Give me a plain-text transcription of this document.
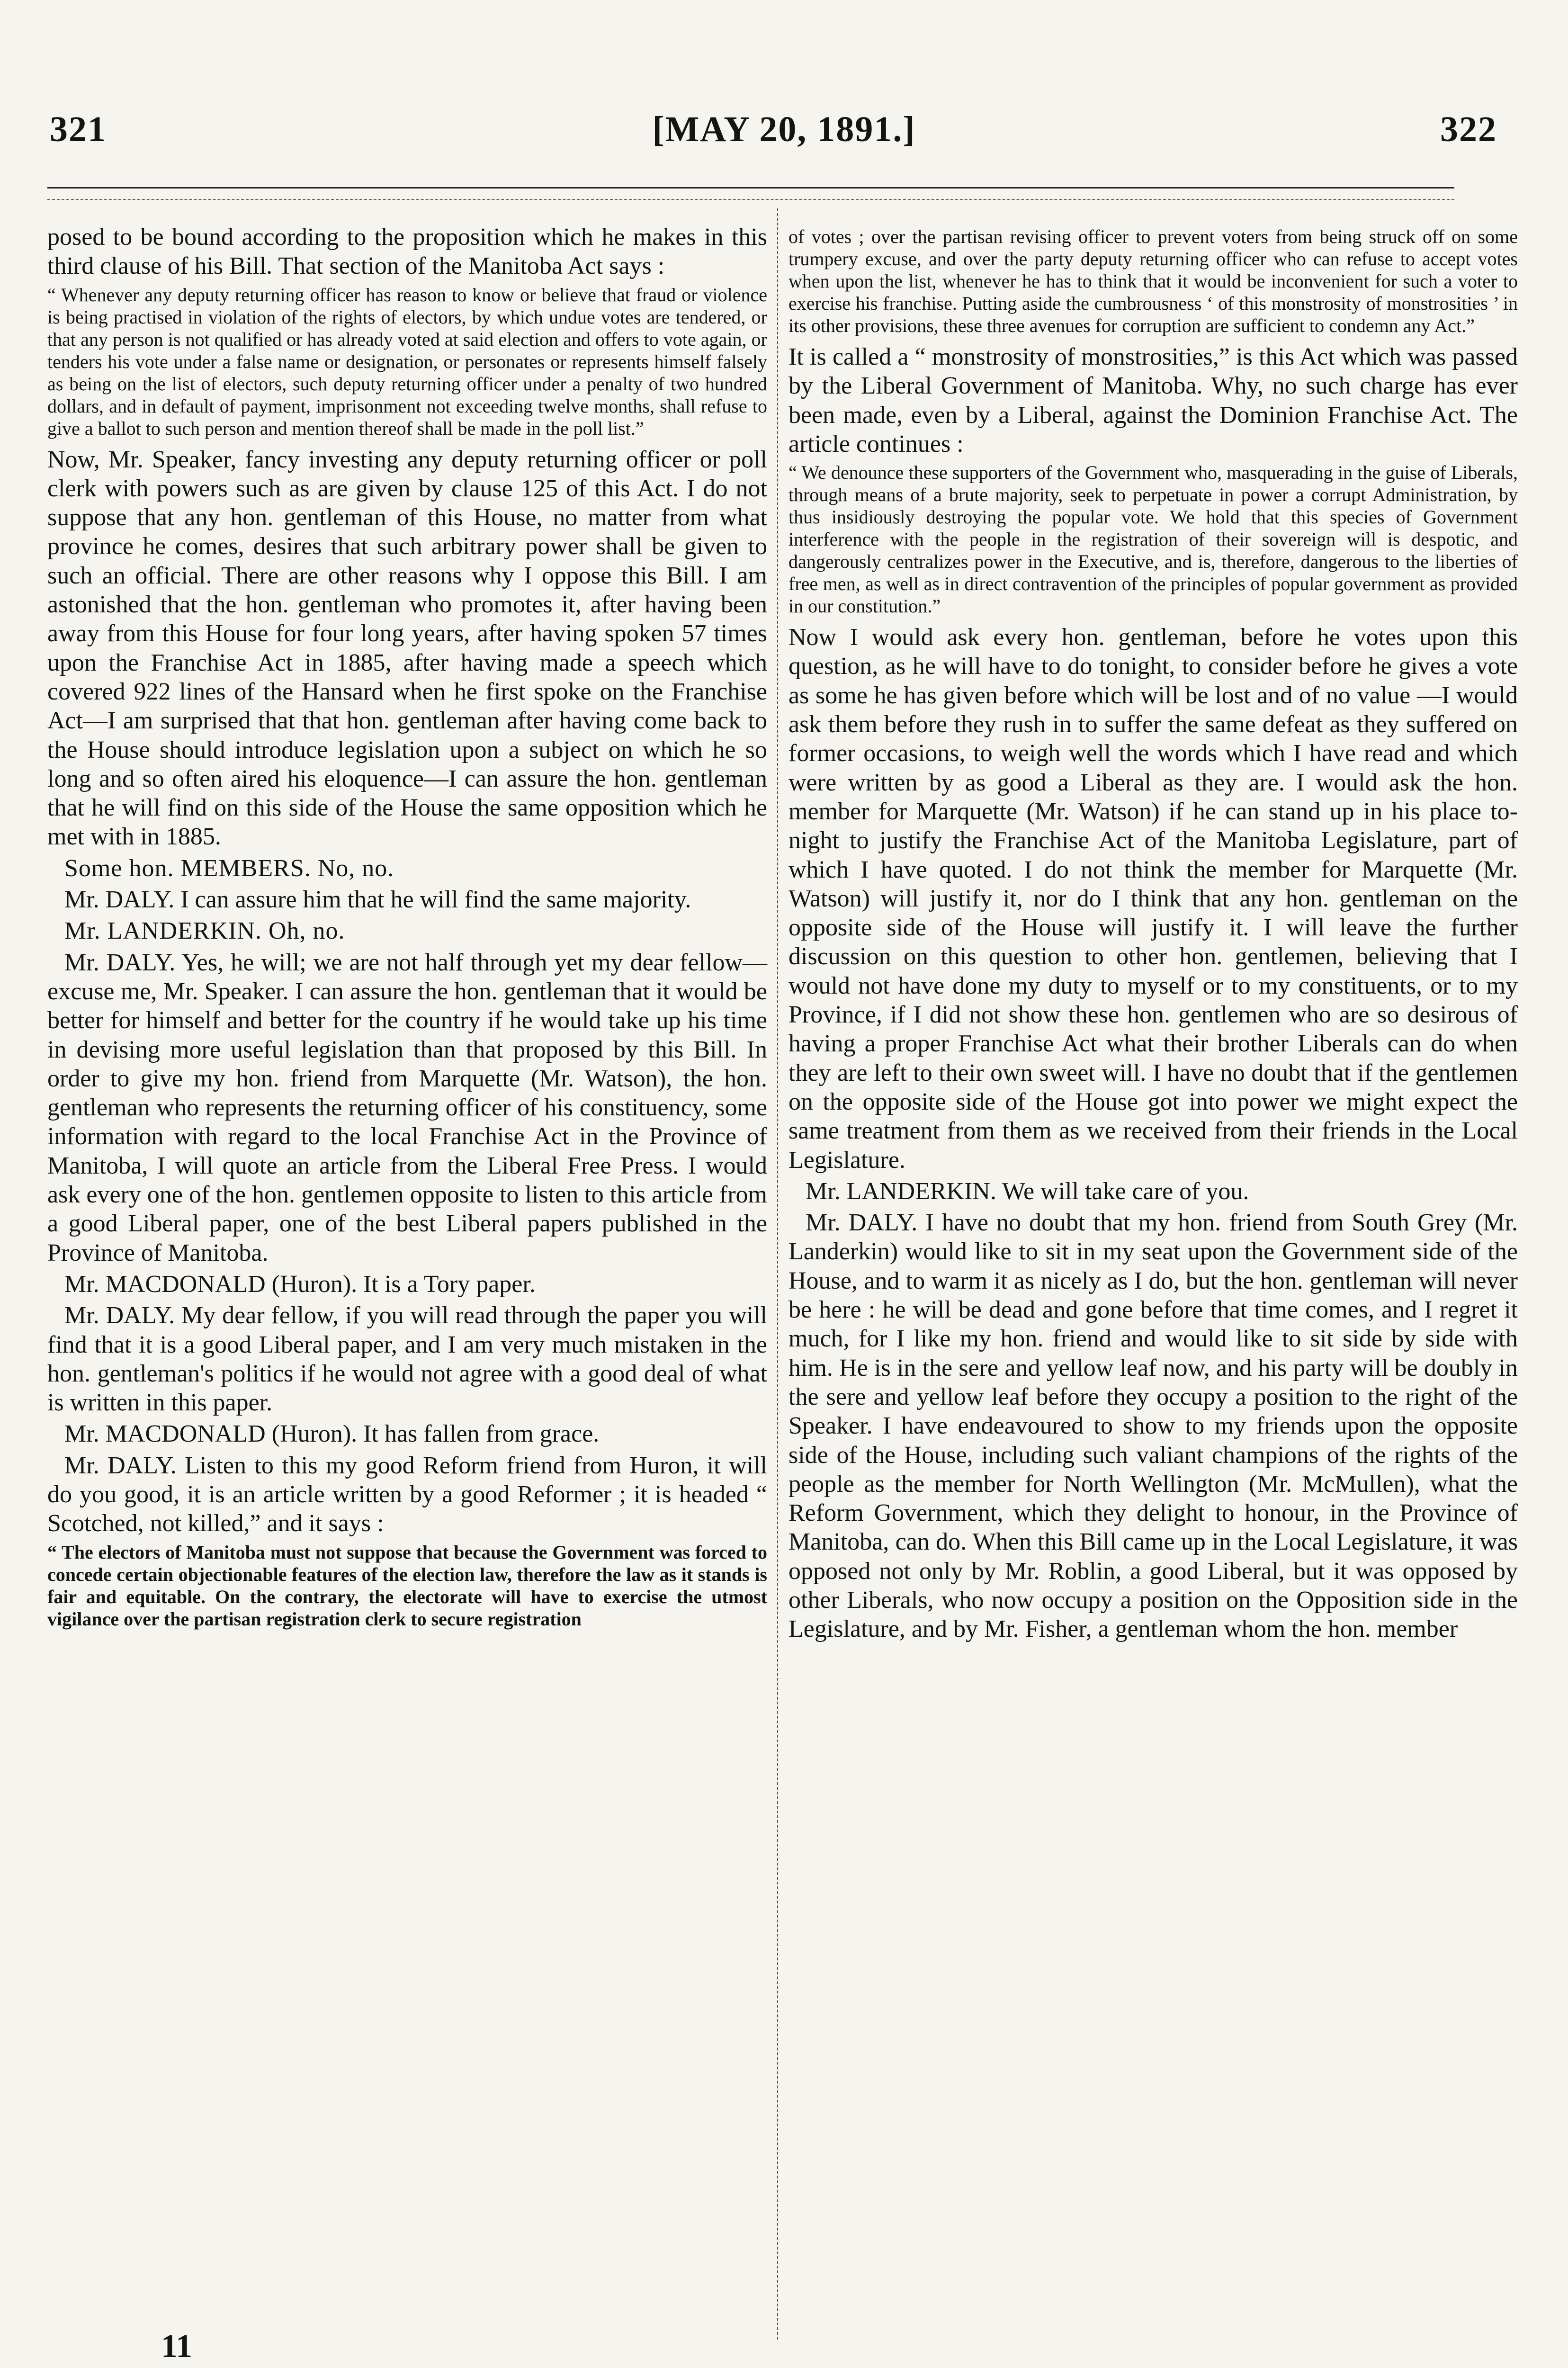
321	[MAY 20, 1891.]	322

posed to be bound according to the proposition which he makes in this third clause of his Bill. That section of the Manitoba Act says :

“ Whenever any deputy returning officer has reason to know or believe that fraud or violence is being practised in violation of the rights of electors, by which undue votes are tendered, or that any person is not qualified or has already voted at said election and offers to vote again, or tenders his vote under a false name or designation, or personates or represents himself falsely as being on the list of electors, such deputy returning officer under a penalty of two hundred dollars, and in default of payment, imprisonment not exceeding twelve months, shall refuse to give a ballot to such person and mention thereof shall be made in the poll list.”

Now, Mr. Speaker, fancy investing any deputy returning officer or poll clerk with powers such as are given by clause 125 of this Act. I do not suppose that any hon. gentleman of this House, no matter from what province he comes, desires that such arbitrary power shall be given to such an official. There are other reasons why I oppose this Bill. I am astonished that the hon. gentleman who promotes it, after having been away from this House for four long years, after having spoken 57 times upon the Franchise Act in 1885, after having made a speech which covered 922 lines of the Hansard when he first spoke on the Franchise Act—I am surprised that that hon. gentleman after having come back to the House should introduce legislation upon a subject on which he so long and so often aired his eloquence—I can assure the hon. gentleman that he will find on this side of the House the same opposition which he met with in 1885.

Some hon. MEMBERS. No, no.

Mr. DALY. I can assure him that he will find the same majority.

Mr. LANDERKIN. Oh, no.

Mr. DALY. Yes, he will; we are not half through yet my dear fellow—excuse me, Mr. Speaker. I can assure the hon. gentleman that it would be better for himself and better for the country if he would take up his time in devising more useful legislation than that proposed by this Bill. In order to give my hon. friend from Marquette (Mr. Watson), the hon. gentleman who represents the returning officer of his constituency, some information with regard to the local Franchise Act in the Province of Manitoba, I will quote an article from the Liberal Free Press. I would ask every one of the hon. gentlemen opposite to listen to this article from a good Liberal paper, one of the best Liberal papers published in the Province of Manitoba.

Mr. MACDONALD (Huron). It is a Tory paper.

Mr. DALY. My dear fellow, if you will read through the paper you will find that it is a good Liberal paper, and I am very much mistaken in the hon. gentleman's politics if he would not agree with a good deal of what is written in this paper.

Mr. MACDONALD (Huron). It has fallen from grace.

Mr. DALY. Listen to this my good Reform friend from Huron, it will do you good, it is an article written by a good Reformer ; it is headed “ Scotched, not killed,” and it says :

“ The electors of Manitoba must not suppose that because the Government was forced to concede certain objectionable features of the election law, therefore the law as it stands is fair and equitable. On the contrary, the electorate will have to exercise the utmost vigilance over the partisan registration clerk to secure registration
of votes ; over the partisan revising officer to prevent voters from being struck off on some trumpery excuse, and over the party deputy returning officer who can refuse to accept votes when upon the list, whenever he has to think that it would be inconvenient for such a voter to exercise his franchise. Putting aside the cumbrousness ‘ of this monstrosity of monstrosities ’ in its other provisions, these three avenues for corruption are sufficient to condemn any Act.”

It is called a “ monstrosity of monstrosities,” is this Act which was passed by the Liberal Government of Manitoba. Why, no such charge has ever been made, even by a Liberal, against the Dominion Franchise Act. The article continues :

“ We denounce these supporters of the Government who, masquerading in the guise of Liberals, through means of a brute majority, seek to perpetuate in power a corrupt Administration, by thus insidiously destroying the popular vote. We hold that this species of Government interference with the people in the registration of their sovereign will is despotic, and dangerously centralizes power in the Executive, and is, therefore, dangerous to the liberties of free men, as well as in direct contravention of the principles of popular government as provided in our constitution.”

Now I would ask every hon. gentleman, before he votes upon this question, as he will have to do tonight, to consider before he gives a vote as some he has given before which will be lost and of no value —I would ask them before they rush in to suffer the same defeat as they suffered on former occasions, to weigh well the words which I have read and which were written by as good a Liberal as they are. I would ask the hon. member for Marquette (Mr. Watson) if he can stand up in his place to-night to justify the Franchise Act of the Manitoba Legislature, part of which I have quoted. I do not think the member for Marquette (Mr. Watson) will justify it, nor do I think that any hon. gentleman on the opposite side of the House will justify it. I will leave the further discussion on this question to other hon. gentlemen, believing that I would not have done my duty to myself or to my constituents, or to my Province, if I did not show these hon. gentlemen who are so desirous of having a proper Franchise Act what their brother Liberals can do when they are left to their own sweet will. I have no doubt that if the gentlemen on the opposite side of the House got into power we might expect the same treatment from them as we received from their friends in the Local Legislature.

Mr. LANDERKIN. We will take care of you.

Mr. DALY. I have no doubt that my hon. friend from South Grey (Mr. Landerkin) would like to sit in my seat upon the Government side of the House, and to warm it as nicely as I do, but the hon. gentleman will never be here : he will be dead and gone before that time comes, and I regret it much, for I like my hon. friend and would like to sit side by side with him. He is in the sere and yellow leaf now, and his party will be doubly in the sere and yellow leaf before they occupy a position to the right of the Speaker. I have endeavoured to show to my friends upon the opposite side of the House, including such valiant champions of the rights of the people as the member for North Wellington (Mr. McMullen), what the Reform Government, which they delight to honour, in the Province of Manitoba, can do. When this Bill came up in the Local Legislature, it was opposed not only by Mr. Roblin, a good Liberal, but it was opposed by other Liberals, who now occupy a position on the Opposition side in the Legislature, and by Mr. Fisher, a gentleman whom the hon. member

11
